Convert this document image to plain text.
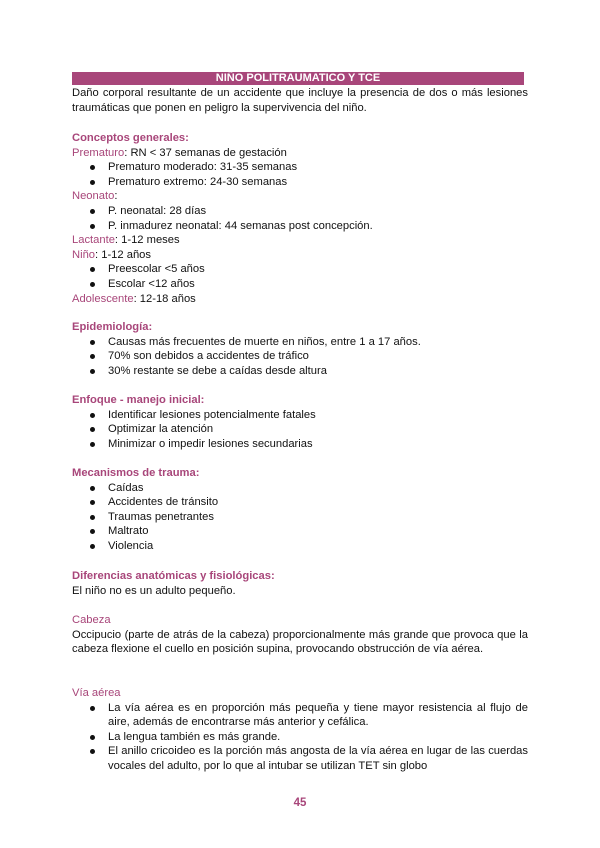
NIÑO POLITRAUMATICO Y TCE
Daño corporal resultante de un accidente que incluye la presencia de dos o más lesiones traumáticas que ponen en peligro la supervivencia del niño.
Conceptos generales:
Prematuro: RN < 37 semanas de gestación
Prematuro moderado: 31-35 semanas
Prematuro extremo: 24-30 semanas
Neonato:
P. neonatal: 28 días
P. inmadurez neonatal: 44 semanas post concepción.
Lactante: 1-12 meses
Niño: 1-12 años
Preescolar <5 años
Escolar <12 años
Adolescente: 12-18 años
Epidemiología:
Causas más frecuentes de muerte en niños, entre 1 a 17 años.
70% son debidos a accidentes de tráfico
30% restante se debe a caídas desde altura
Enfoque - manejo inicial:
Identificar lesiones potencialmente fatales
Optimizar la atención
Minimizar o impedir lesiones secundarias
Mecanismos de trauma:
Caídas
Accidentes de tránsito
Traumas penetrantes
Maltrato
Violencia
Diferencias anatómicas y fisiológicas:
El niño no es un adulto pequeño.
Cabeza
Occipucio (parte de atrás de la cabeza) proporcionalmente más grande que provoca que la cabeza flexione el cuello en posición supina, provocando obstrucción de vía aérea.
Vía aérea
La vía aérea es en proporción más pequeña y tiene mayor resistencia al flujo de aire, además de encontrarse más anterior y cefálica.
La lengua también es más grande.
El anillo cricoideo es la porción más angosta de la vía aérea en lugar de las cuerdas vocales del adulto, por lo que al intubar se utilizan TET sin globo
45
